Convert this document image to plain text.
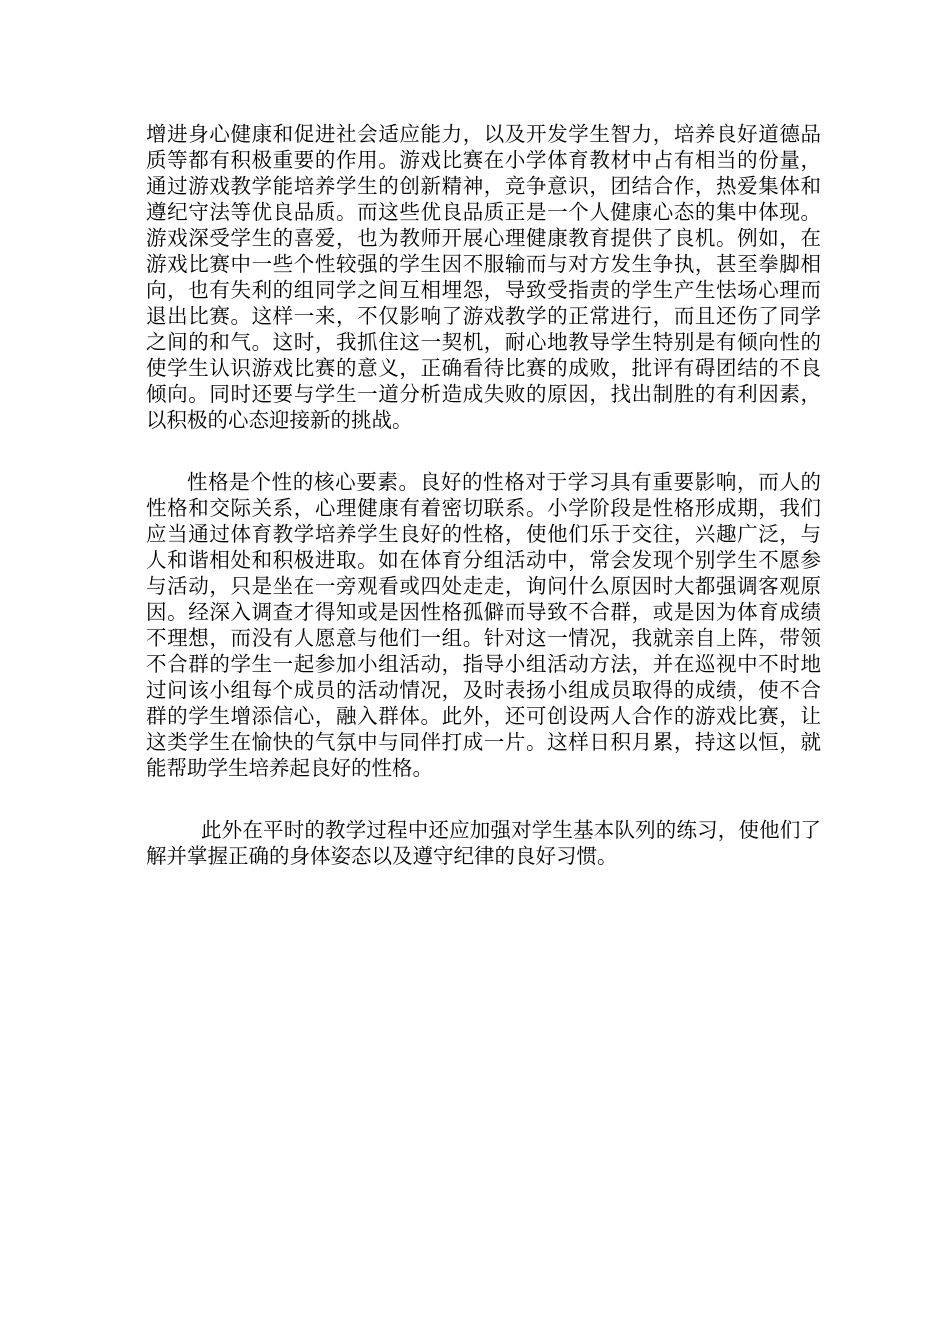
增进身心健康和促进社会适应能力，以及开发学生智力，培养良好道德品质等都有积极重要的作用。游戏比赛在小学体育教材中占有相当的份量，通过游戏教学能培养学生的创新精神，竞争意识，团结合作，热爱集体和遵纪守法等优良品质。而这些优良品质正是一个人健康心态的集中体现。游戏深受学生的喜爱，也为教师开展心理健康教育提供了良机。例如，在游戏比赛中一些个性较强的学生因不服输而与对方发生争执，甚至拳脚相向，也有失利的组同学之间互相埋怨，导致受指责的学生产生怯场心理而退出比赛。这样一来，不仅影响了游戏教学的正常进行，而且还伤了同学之间的和气。这时，我抓住这一契机，耐心地教导学生特别是有倾向性的使学生认识游戏比赛的意义，正确看待比赛的成败，批评有碍团结的不良倾向。同时还要与学生一道分析造成失败的原因，找出制胜的有利因素，以积极的心态迎接新的挑战。

性格是个性的核心要素。良好的性格对于学习具有重要影响，而人的性格和交际关系，心理健康有着密切联系。小学阶段是性格形成期，我们应当通过体育教学培养学生良好的性格，使他们乐于交往，兴趣广泛，与人和谐相处和积极进取。如在体育分组活动中，常会发现个别学生不愿参与活动，只是坐在一旁观看或四处走走，询问什么原因时大都强调客观原因。经深入调查才得知或是因性格孤僻而导致不合群，或是因为体育成绩不理想，而没有人愿意与他们一组。针对这一情况，我就亲自上阵，带领不合群的学生一起参加小组活动，指导小组活动方法，并在巡视中不时地过问该小组每个成员的活动情况，及时表扬小组成员取得的成绩，使不合群的学生增添信心，融入群体。此外，还可创设两人合作的游戏比赛，让这类学生在愉快的气氛中与同伴打成一片。这样日积月累，持这以恒，就能帮助学生培养起良好的性格。

此外在平时的教学过程中还应加强对学生基本队列的练习，使他们了解并掌握正确的身体姿态以及遵守纪律的良好习惯。
